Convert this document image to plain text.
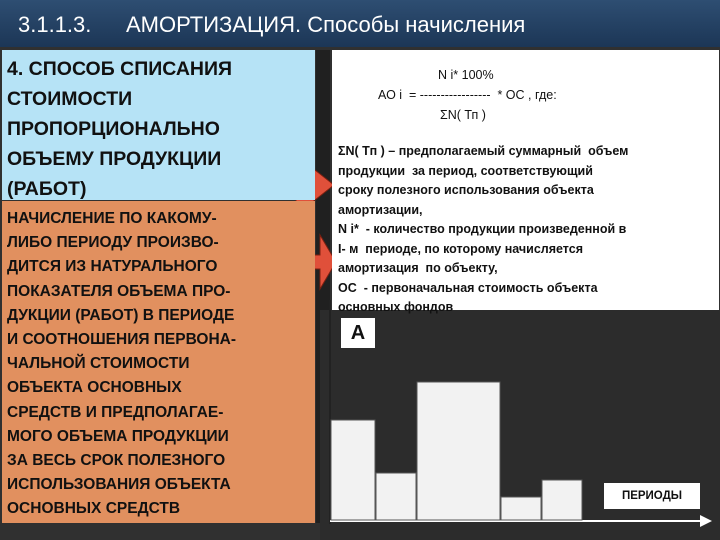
3.1.1.3. АМОРТИЗАЦИЯ. Способы начисления
4. СПОСОБ СПИСАНИЯ
СТОИМОСТИ
ПРОПОРЦИОНАЛЬНО
ОБЪЕМУ ПРОДУКЦИИ
(РАБОТ)
НАЧИСЛЕНИЕ ПО КАКОМУ-
ЛИБО ПЕРИОДУ ПРОИЗВО-
ДИТСЯ ИЗ НАТУРАЛЬНОГО
ПОКАЗАТЕЛЯ ОБЪЕМА ПРО-
ДУКЦИИ (РАБОТ) В ПЕРИОДЕ
И СООТНОШЕНИЯ ПЕРВОНА-
ЧАЛЬНОЙ СТОИМОСТИ
ОБЪЕКТА ОСНОВНЫХ
СРЕДСТВ И ПРЕДПОЛАГАЕ-
МОГО ОБЪЕМА ПРОДУКЦИИ
ЗА ВЕСЬ СРОК ПОЛЕЗНОГО
ИСПОЛЬЗОВАНИЯ ОБЪЕКТА
ОСНОВНЫХ СРЕДСТВ
N i* 100%
АО i  = -----------------  * ОС , где:
ΣN( Тп )
ΣN( Тп ) – предполагаемый суммарный  объем
продукции  за период, соответствующий
сроку полезного использования объекта
амортизации,
N i*  - количество продукции произведенной в
I- м  периоде, по которому начисляется
амортизация  по объекту,
ОС  - первоначальная стоимость объекта
основных фондов
А
ПЕРИОДЫ
